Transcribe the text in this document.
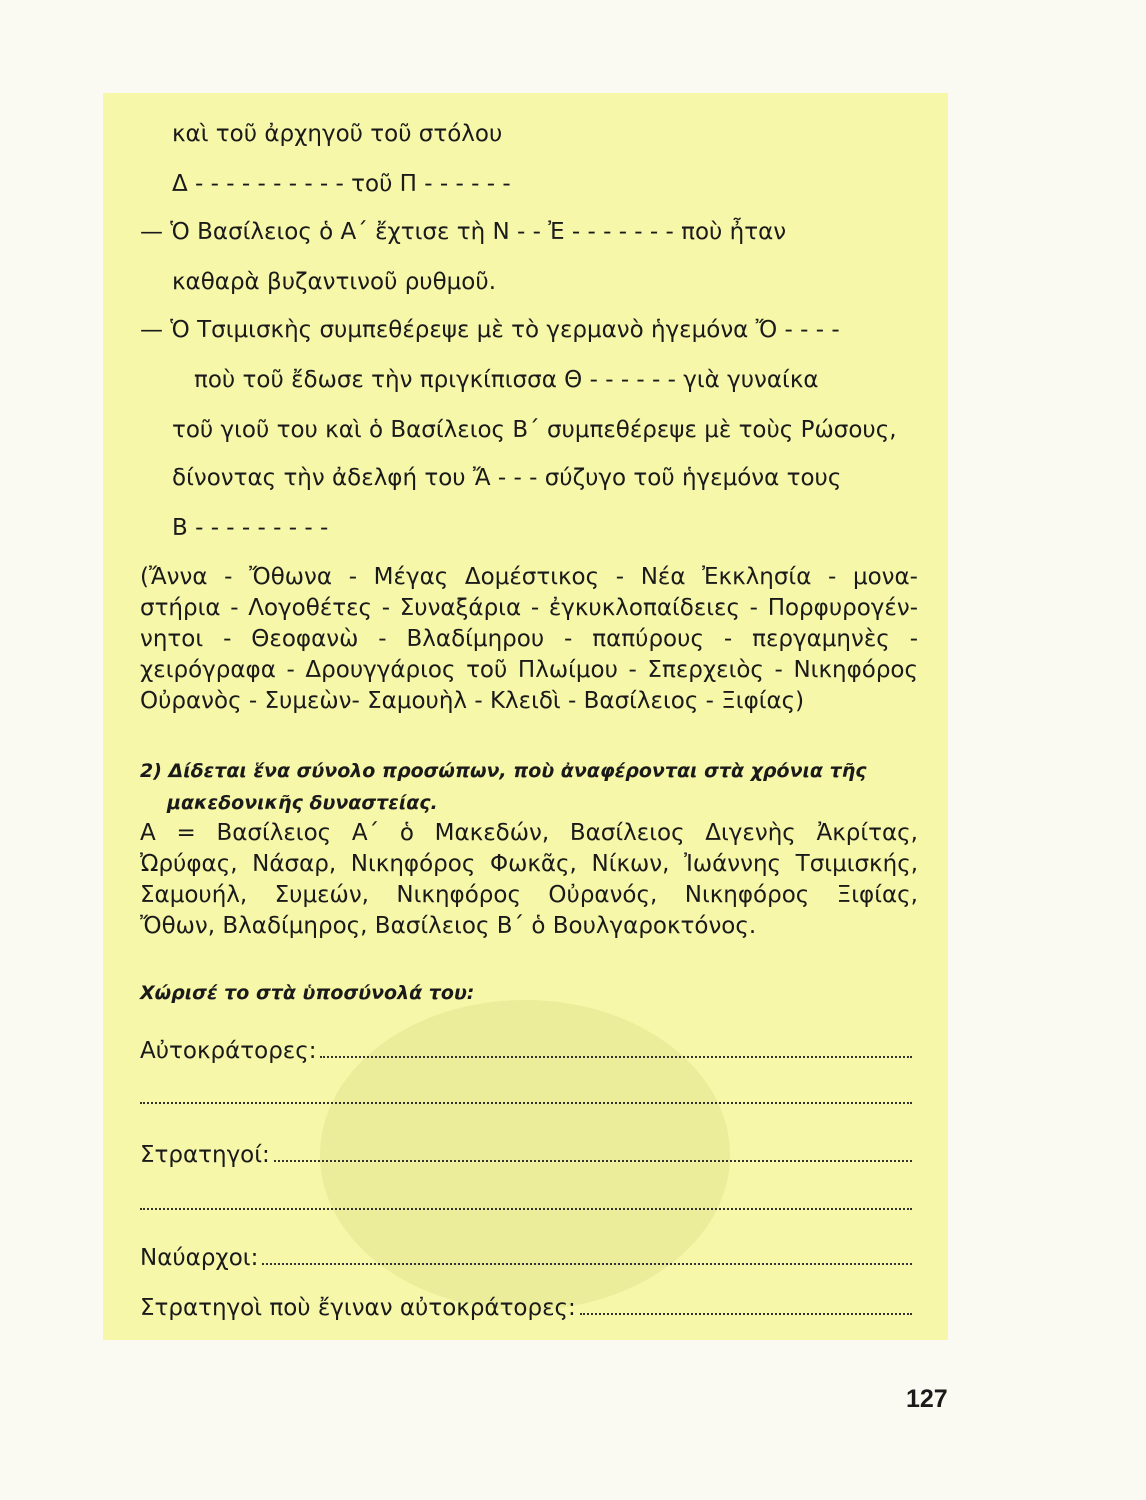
καὶ τοῦ ἀρχηγοῦ τοῦ στόλου
Δ - - - - - - - - - - τοῦ Π - - - - - -
— Ὁ Βασίλειος ὁ Α΄ ἔχτισε τὴ Ν - - Ἐ - - - - - - - ποὺ ἦταν
καθαρὰ βυζαντινοῦ ρυθμοῦ.
— Ὁ Τσιμισκὴς συμπεθέρεψε μὲ τὸ γερμανὸ ἡγεμόνα Ὄ - - - -
ποὺ τοῦ ἔδωσε τὴν πριγκίπισσα Θ - - - - - - γιὰ γυναίκα
τοῦ γιοῦ του καὶ ὁ Βασίλειος Β΄ συμπεθέρεψε μὲ τοὺς Ρώσους,
δίνοντας τὴν ἀδελφή του Ἄ - - - σύζυγο τοῦ ἡγεμόνα τους
Β - - - - - - - - -
(Ἄννα - Ὄθωνα - Μέγας Δομέστικος - Νέα Ἐκκλησία - μονα-
στήρια - Λογοθέτες - Συναξάρια - ἐγκυκλοπαίδειες - Πορφυρογέν-
νητοι - Θεοφανὼ - Βλαδίμηρου - παπύρους - περγαμηνὲς -
χειρόγραφα - Δρουγγάριος τοῦ Πλωίμου - Σπερχειὸς - Νικηφόρος
Οὐρανὸς - Συμεὼν- Σαμουὴλ - Κλειδὶ - Βασίλειος - Ξιφίας)
2) Δίδεται ἕνα σύνολο προσώπων, ποὺ ἀναφέρονται στὰ χρόνια τῆς
μακεδονικῆς δυναστείας.
Α = Βασίλειος Α΄ ὁ Μακεδών, Βασίλειος Διγενὴς Ἀκρίτας,
Ὠρύφας, Νάσαρ, Νικηφόρος Φωκᾶς, Νίκων, Ἰωάννης Τσιμισκής,
Σαμουήλ, Συμεών, Νικηφόρος Οὐρανός, Νικηφόρος Ξιφίας,
Ὄθων, Βλαδίμηρος, Βασίλειος Β΄ ὁ Βουλγαροκτόνος.
Χώρισέ το στὰ ὑποσύνολά του:
Αὐτοκράτορες:
Στρατηγοί:
Ναύαρχοι:
Στρατηγοὶ ποὺ ἔγιναν αὐτοκράτορες:
127
